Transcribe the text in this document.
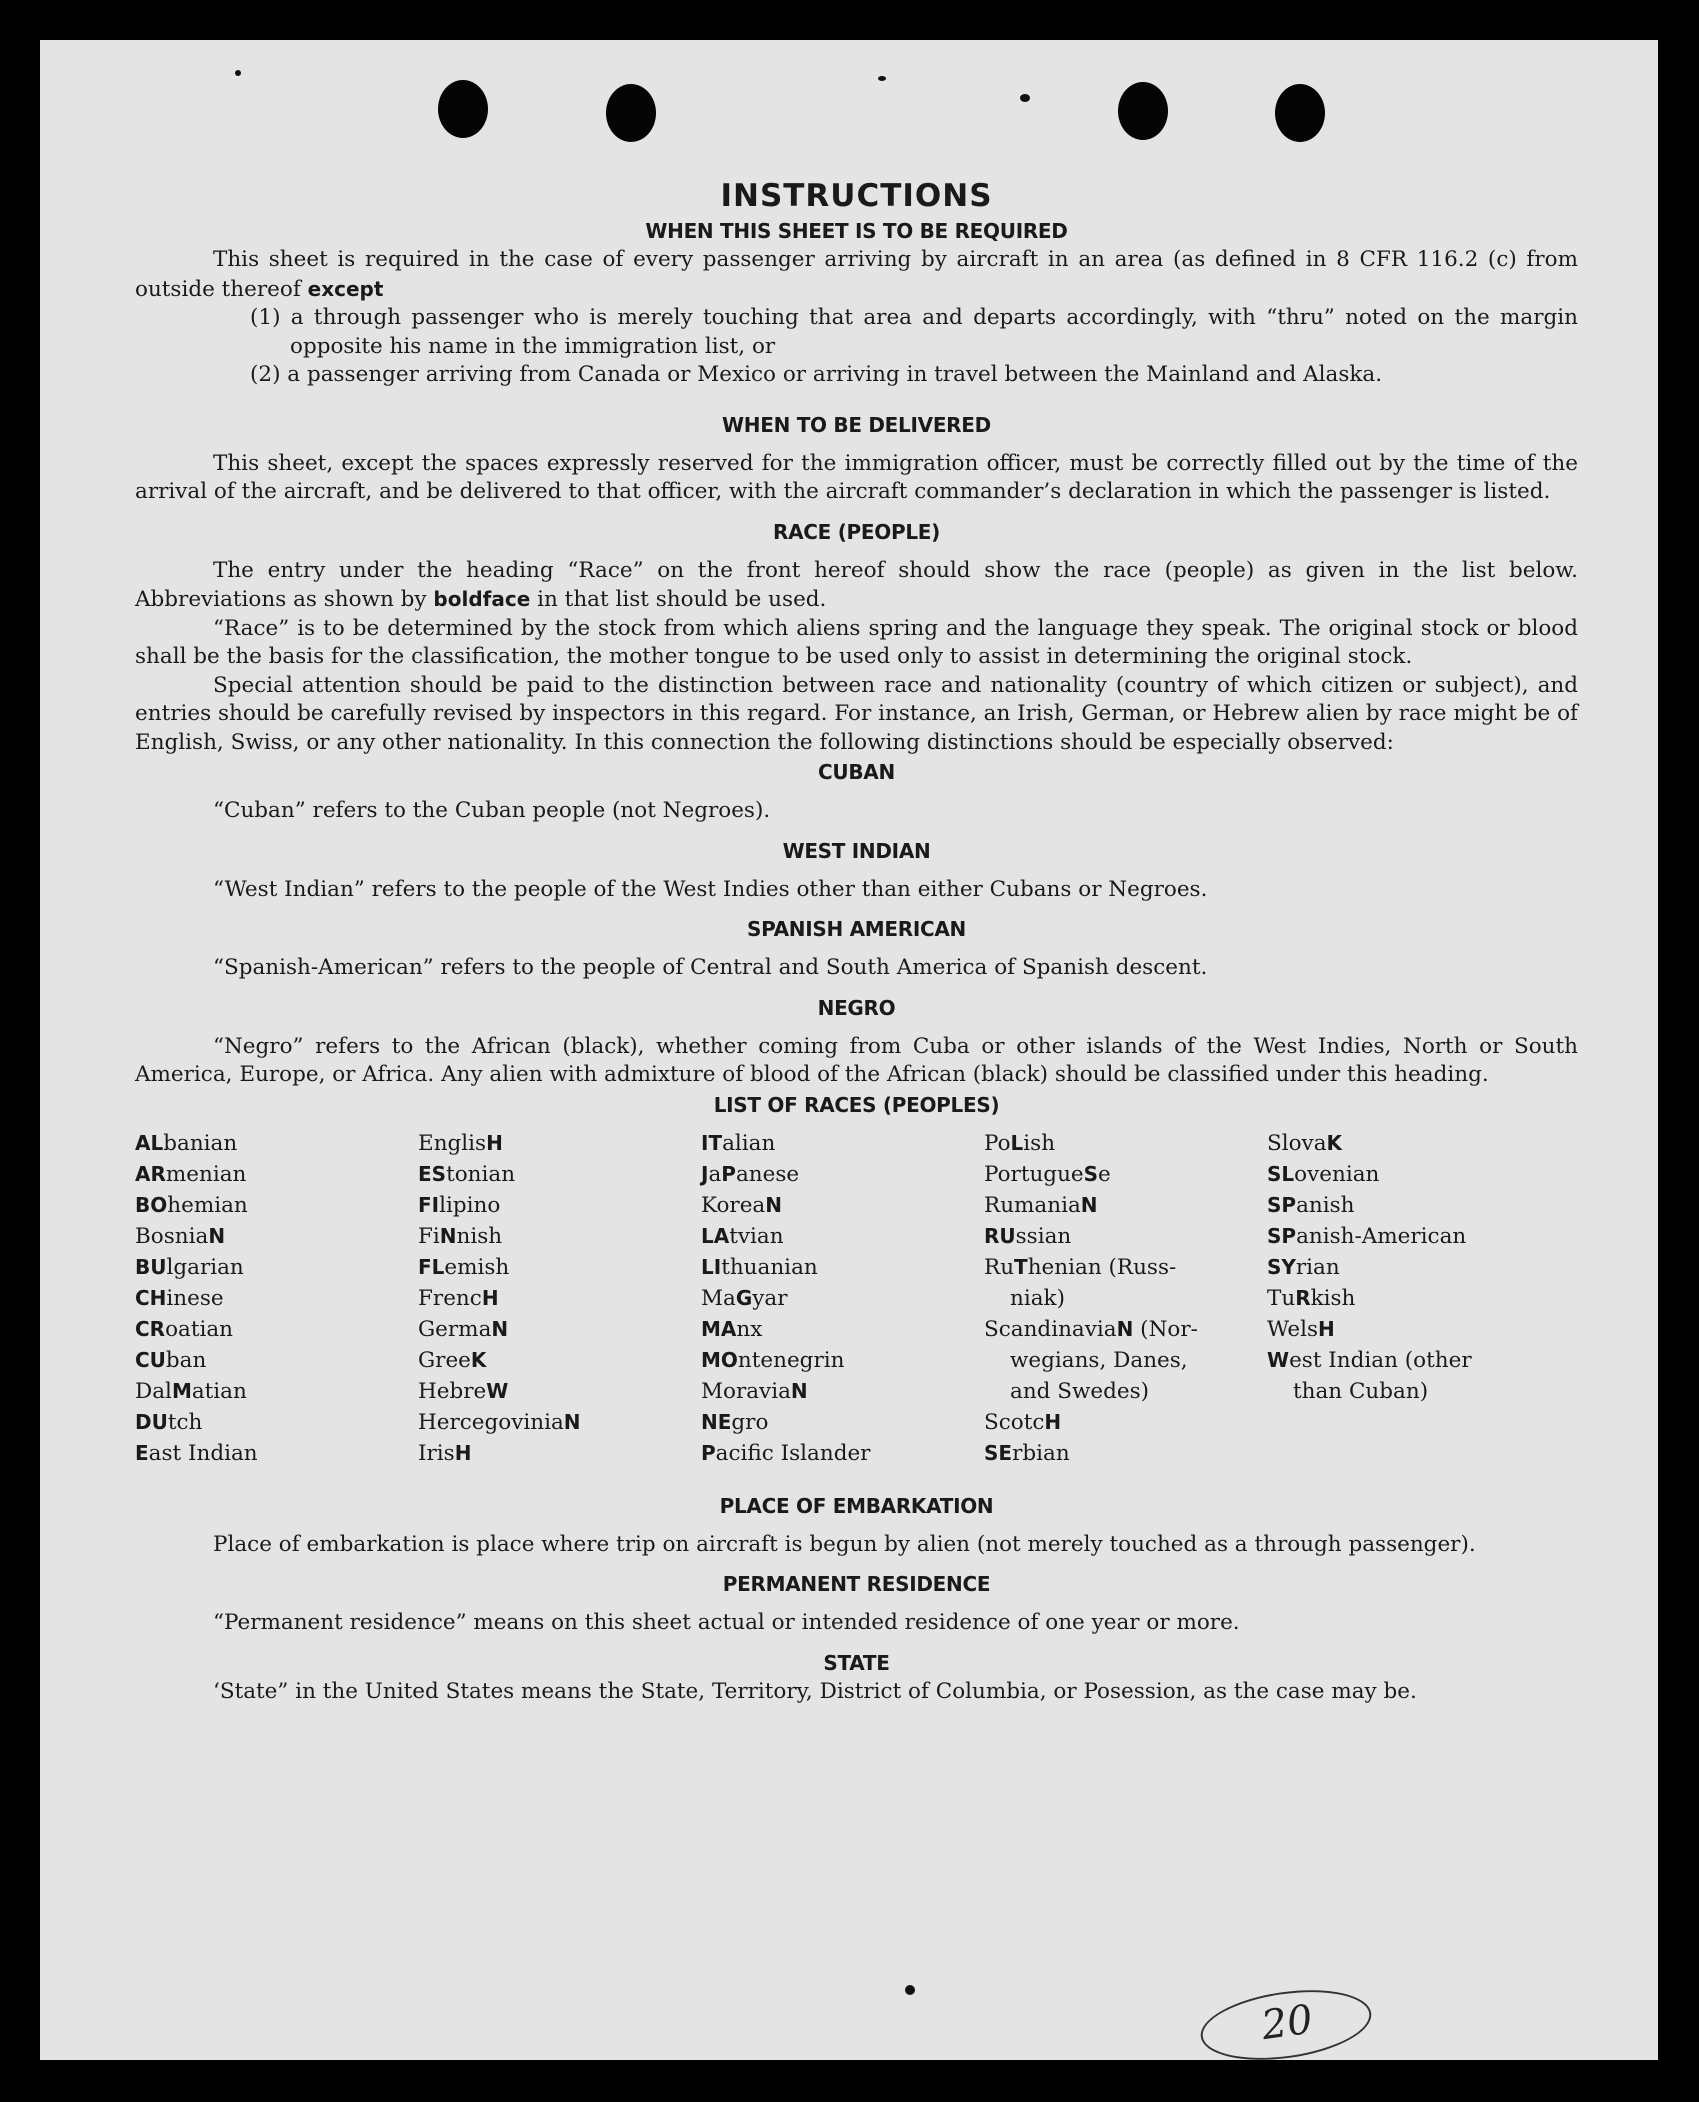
INSTRUCTIONS
WHEN THIS SHEET IS TO BE REQUIRED

This sheet is required in the case of every passenger arriving by aircraft in an area (as defined in 8 CFR 116.2 (c) from outside thereof except

(1) a through passenger who is merely touching that area and departs accordingly, with “thru” noted on the margin opposite his name in the immigration list, or
(2) a passenger arriving from Canada or Mexico or arriving in travel between the Mainland and Alaska.
WHEN TO BE DELIVERED

This sheet, except the spaces expressly reserved for the immigration officer, must be correctly filled out by the time of the arrival of the aircraft, and be delivered to that officer, with the aircraft commander’s declaration in which the passenger is listed.

RACE (PEOPLE)

The entry under the heading “Race” on the front hereof should show the race (people) as given in the list below. Abbreviations as shown by boldface in that list should be used.

“Race” is to be determined by the stock from which aliens spring and the language they speak. The original stock or blood shall be the basis for the classification, the mother tongue to be used only to assist in determining the original stock.

Special attention should be paid to the distinction between race and nationality (country of which citizen or subject), and entries should be carefully revised by inspectors in this regard. For instance, an Irish, German, or Hebrew alien by race might be of English, Swiss, or any other nationality. In this connection the following distinctions should be especially observed:

CUBAN

“Cuban” refers to the Cuban people (not Negroes).

WEST INDIAN

“West Indian” refers to the people of the West Indies other than either Cubans or Negroes.

SPANISH AMERICAN

“Spanish-American” refers to the people of Central and South America of Spanish descent.

NEGRO

“Negro” refers to the African (black), whether coming from Cuba or other islands of the West Indies, North or South America, Europe, or Africa. Any alien with admixture of blood of the African (black) should be classified under this heading.

LIST OF RACES (PEOPLES)
ALbanian
ARmenian
BOhemian
BosniaN
BUlgarian
CHinese
CRoatian
CUban
DalMatian
DUtch
East Indian
EnglisH
EStonian
FIlipino
FiNnish
FLemish
FrencH
GermaN
GreeK
HebreW
HercegoviniaN
IrisH
ITalian
JaPanese
KoreaN
LAtvian
LIthuanian
MaGyar
MAnx
MOntenegrin
MoraviaN
NEgro
Pacific Islander
PoLish
PortugueSe
RumaniaN
RUssian
RuThenian (Russ-
niak)
ScandinaviaN (Nor-
wegians, Danes,
and Swedes)
ScotcH
SErbian
SlovaK
SLovenian
SPanish
SPanish-American
SYrian
TuRkish
WelsH
West Indian (other
than Cuban)
PLACE OF EMBARKATION

Place of embarkation is place where trip on aircraft is begun by alien (not merely touched as a through passenger).

PERMANENT RESIDENCE

“Permanent residence” means on this sheet actual or intended residence of one year or more.

STATE

‘State” in the United States means the State, Territory, District of Columbia, or Posession, as the case may be.

20
